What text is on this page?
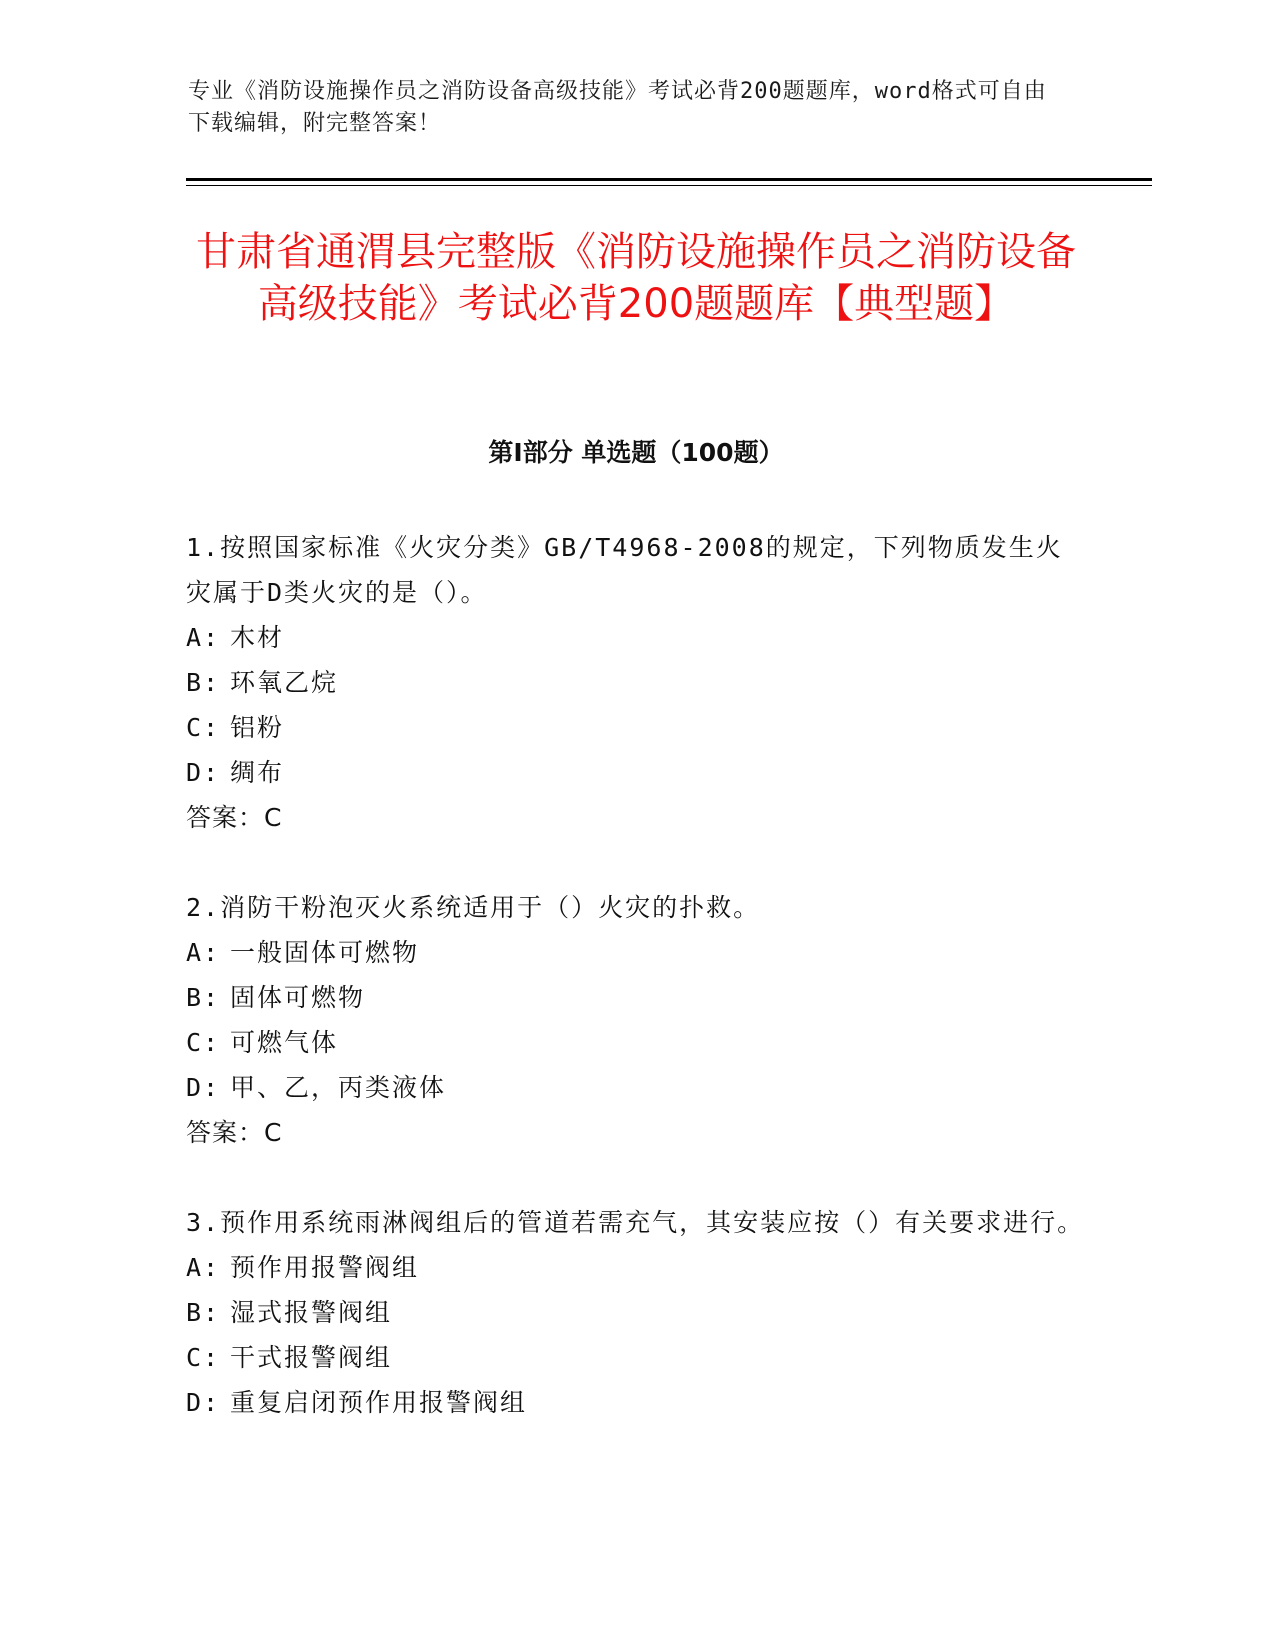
专业《消防设施操作员之消防设备高级技能》考试必背200题题库，word格式可自由下载编辑，附完整答案！
甘肃省通渭县完整版《消防设施操作员之消防设备高级技能》考试必背200题题库【典型题】
第I部分 单选题（100题）

1.按照国家标准《火灾分类》GB/T4968-2008的规定，下列物质发生火灾属于D类火灾的是（）。

A: 木材
B: 环氧乙烷
C: 铝粉
D: 绸布
答案：C

2.消防干粉泡灭火系统适用于（）火灾的扑救。

A: 一般固体可燃物
B: 固体可燃物
C: 可燃气体
D: 甲、乙，丙类液体
答案：C

3.预作用系统雨淋阀组后的管道若需充气，其安装应按（）有关要求进行。

A: 预作用报警阀组
B: 湿式报警阀组
C: 干式报警阀组
D: 重复启闭预作用报警阀组
